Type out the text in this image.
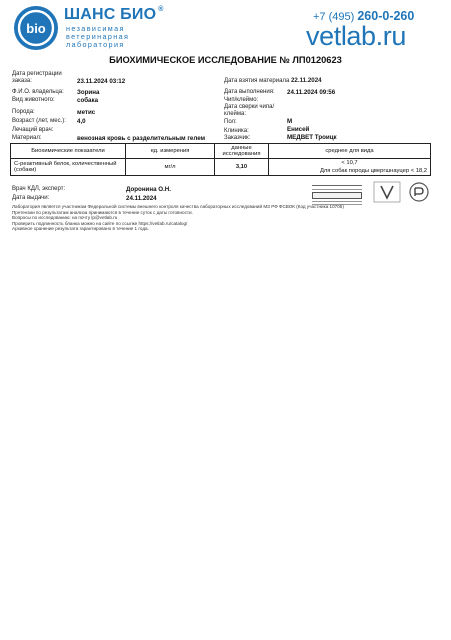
bio
ШАНС БИО ®
независимая
ветеринарная
лаборатория
+7 (495) 260-0-260
vetlab.ru
БИОХИМИЧЕСКОЕ ИССЛЕДОВАНИЕ № ЛП0120623
Дата регистрации заказа:	23.11.2024 03:12
Ф.И.О. владельца: Зорина
Вид животного:	собака
Порода:	метис
Возраст (лет, мес.): 4,0
Лечащий врач:
Материал:	венозная кровь с разделительным гелем
Дата взятия материала 22.11.2024
Дата выполнения: 24.11.2024 09:56
Чип/клеймо:
Дата сверки чипа/клейма:
Пол:	М
Клиника:	Енисей
Заказчик:	МЕДВЕТ Троицк
Биохимические показатели	ед. измерения	данные исследования	среднее для вида
С-реактивный белок, количественный (собаки)	мг/л	3,10	< 10,7
Для собак породы цвергшнауцер < 18,2
Врач КДЛ, эксперт:	Доронина О.Н.
Дата выдачи:	24.11.2024
Лаборатория является участником Федеральной системы внешнего контроля качества лабораторных исследований МЗ РФ ФСВОК (Код участника 10705)
Претензии по результатам анализа принимаются в течение суток с даты готовности.
Вопросы по исследованию: на почту lp@vetlab.ru
Проверить подлинность бланка можно на сайте по ссылке https://vetlab.ru/catalog/
Архивное хранение результата гарантировано в течение 1 года.
